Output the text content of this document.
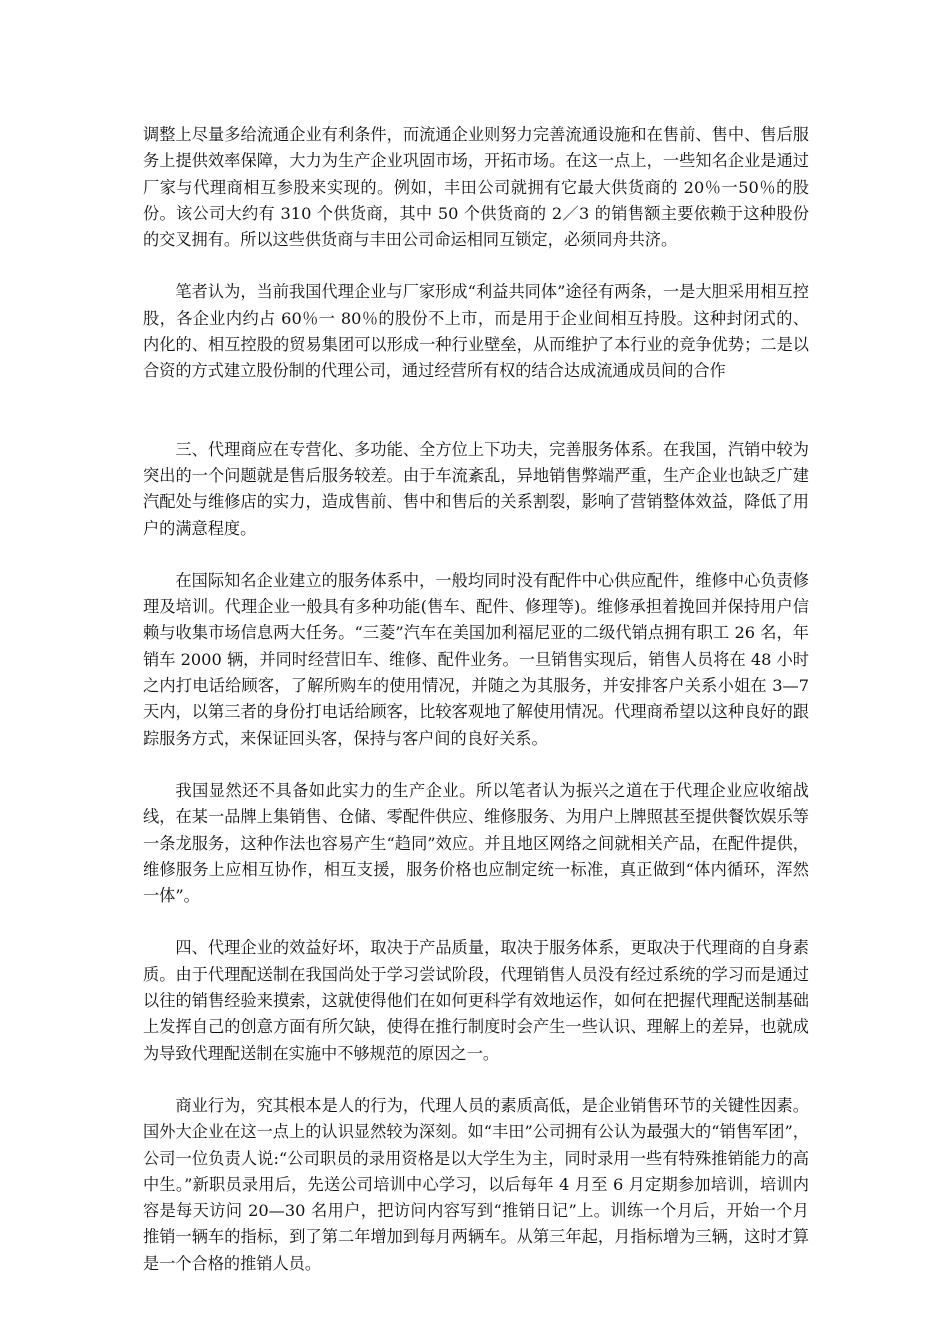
调整上尽量多给流通企业有利条件，而流通企业则努力完善流通设施和在售前、售中、售后服务上提供效率保障，大力为生产企业巩固市场，开拓市场。在这一点上，一些知名企业是通过厂家与代理商相互参股来实现的。例如，丰田公司就拥有它最大供货商的 20％一50％的股份。该公司大约有 310 个供货商，其中 50 个供货商的 2／3 的销售额主要依赖于这种股份的交叉拥有。所以这些供货商与丰田公司命运相同互锁定，必须同舟共济。

笔者认为，当前我国代理企业与厂家形成“利益共同体”途径有两条，一是大胆采用相互控股，各企业内约占 60％一 80％的股份不上市，而是用于企业间相互持股。这种封闭式的、内化的、相互控股的贸易集团可以形成一种行业壁垒，从而维护了本行业的竞争优势；二是以合资的方式建立股份制的代理公司，通过经营所有权的结合达成流通成员间的合作

三、代理商应在专营化、多功能、全方位上下功夫，完善服务体系。在我国，汽销中较为突出的一个问题就是售后服务较差。由于车流紊乱，异地销售弊端严重，生产企业也缺乏广建汽配处与维修店的实力，造成售前、售中和售后的关系割裂，影响了营销整体效益，降低了用户的满意程度。

在国际知名企业建立的服务体系中，一般均同时没有配件中心供应配件，维修中心负责修理及培训。代理企业一般具有多种功能(售车、配件、修理等)。维修承担着挽回并保持用户信赖与收集市场信息两大任务。“三菱”汽车在美国加利福尼亚的二级代销点拥有职工 26 名，年销车 2000 辆，并同时经营旧车、维修、配件业务。一旦销售实现后，销售人员将在 48 小时之内打电话给顾客，了解所购车的使用情况，并随之为其服务，并安排客户关系小姐在 3—7 天内，以第三者的身份打电话给顾客，比较客观地了解使用情况。代理商希望以这种良好的跟踪服务方式，来保证回头客，保持与客户间的良好关系。

我国显然还不具备如此实力的生产企业。所以笔者认为振兴之道在于代理企业应收缩战线，在某一品牌上集销售、仓储、零配件供应、维修服务、为用户上牌照甚至提供餐饮娱乐等一条龙服务，这种作法也容易产生“趋同”效应。并且地区网络之间就相关产品，在配件提供，维修服务上应相互协作，相互支援，服务价格也应制定统一标准，真正做到“体内循环，浑然一体”。

四、代理企业的效益好坏，取决于产品质量，取决于服务体系，更取决于代理商的自身素质。由于代理配送制在我国尚处于学习尝试阶段，代理销售人员没有经过系统的学习而是通过以往的销售经验来摸索，这就使得他们在如何更科学有效地运作，如何在把握代理配送制基础上发挥自己的创意方面有所欠缺，使得在推行制度时会产生一些认识、理解上的差异，也就成为导致代理配送制在实施中不够规范的原因之一。

商业行为，究其根本是人的行为，代理人员的素质高低，是企业销售环节的关键性因素。国外大企业在这一点上的认识显然较为深刻。如“丰田”公司拥有公认为最强大的“销售军团”，公司一位负责人说:“公司职员的录用资格是以大学生为主，同时录用一些有特殊推销能力的高中生。”新职员录用后，先送公司培训中心学习，以后每年 4 月至 6 月定期参加培训，培训内容是每天访问 20—30 名用户，把访问内容写到“推销日记”上。训练一个月后，开始一个月推销一辆车的指标，到了第二年增加到每月两辆车。从第三年起，月指标增为三辆，这时才算是一个合格的推销人员。
